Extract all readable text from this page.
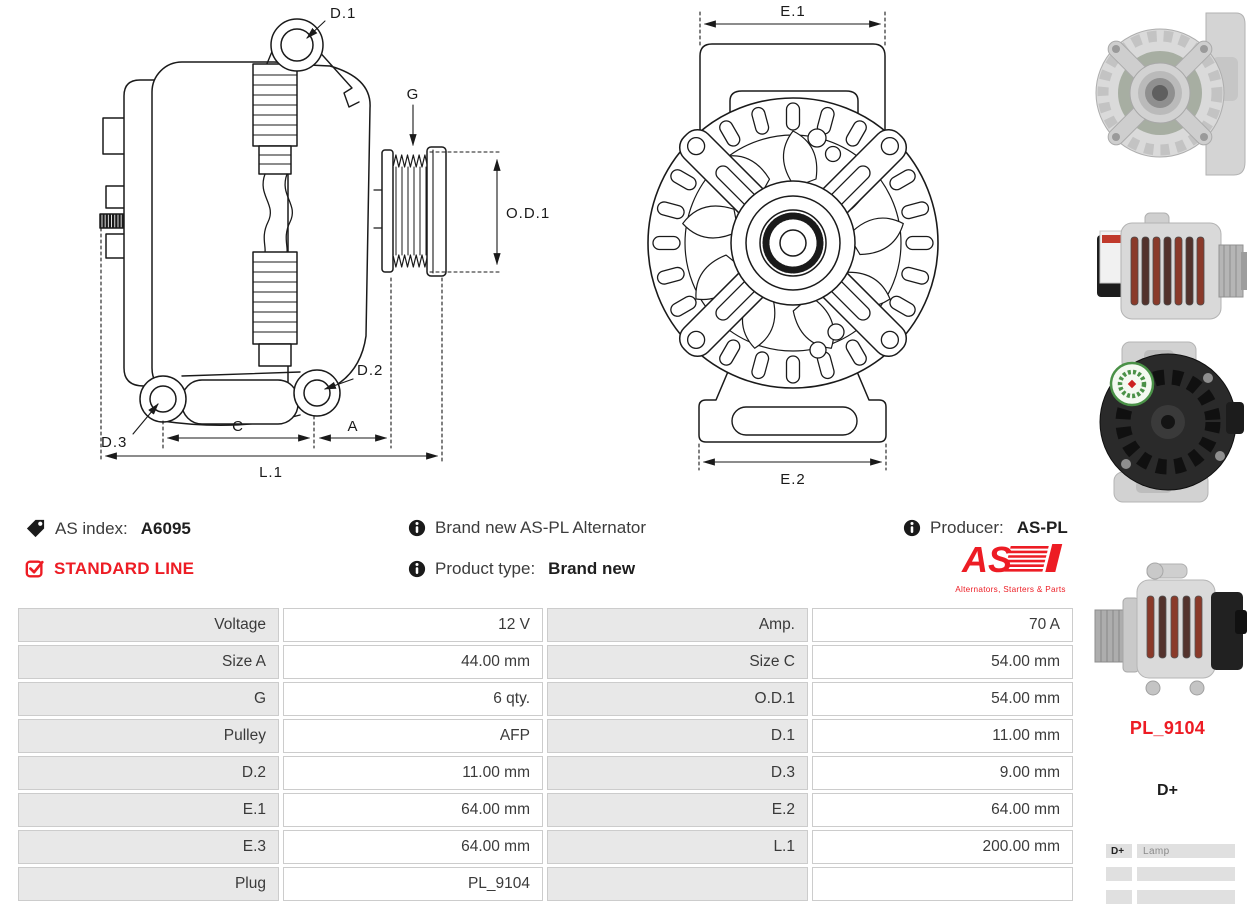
D.1
G
O.D.1
D.2
D.3
C	A
L.1
E.1
E.2
AS index: A6095
STANDARD LINE
Brand new AS-PL Alternator
Product type: Brand new
Producer: AS-PL
AS
Alternators, Starters & Parts
Voltage	12 V	Amp.	70 A
Size A	44.00 mm	Size C	54.00 mm
G	6 qty.	O.D.1	54.00 mm
Pulley	AFP	D.1	11.00 mm
D.2	11.00 mm	D.3	9.00 mm
E.1	64.00 mm	E.2	64.00 mm
E.3	64.00 mm	L.1	200.00 mm
Plug	PL_9104		
PL_9104
D+
D+	Lamp
